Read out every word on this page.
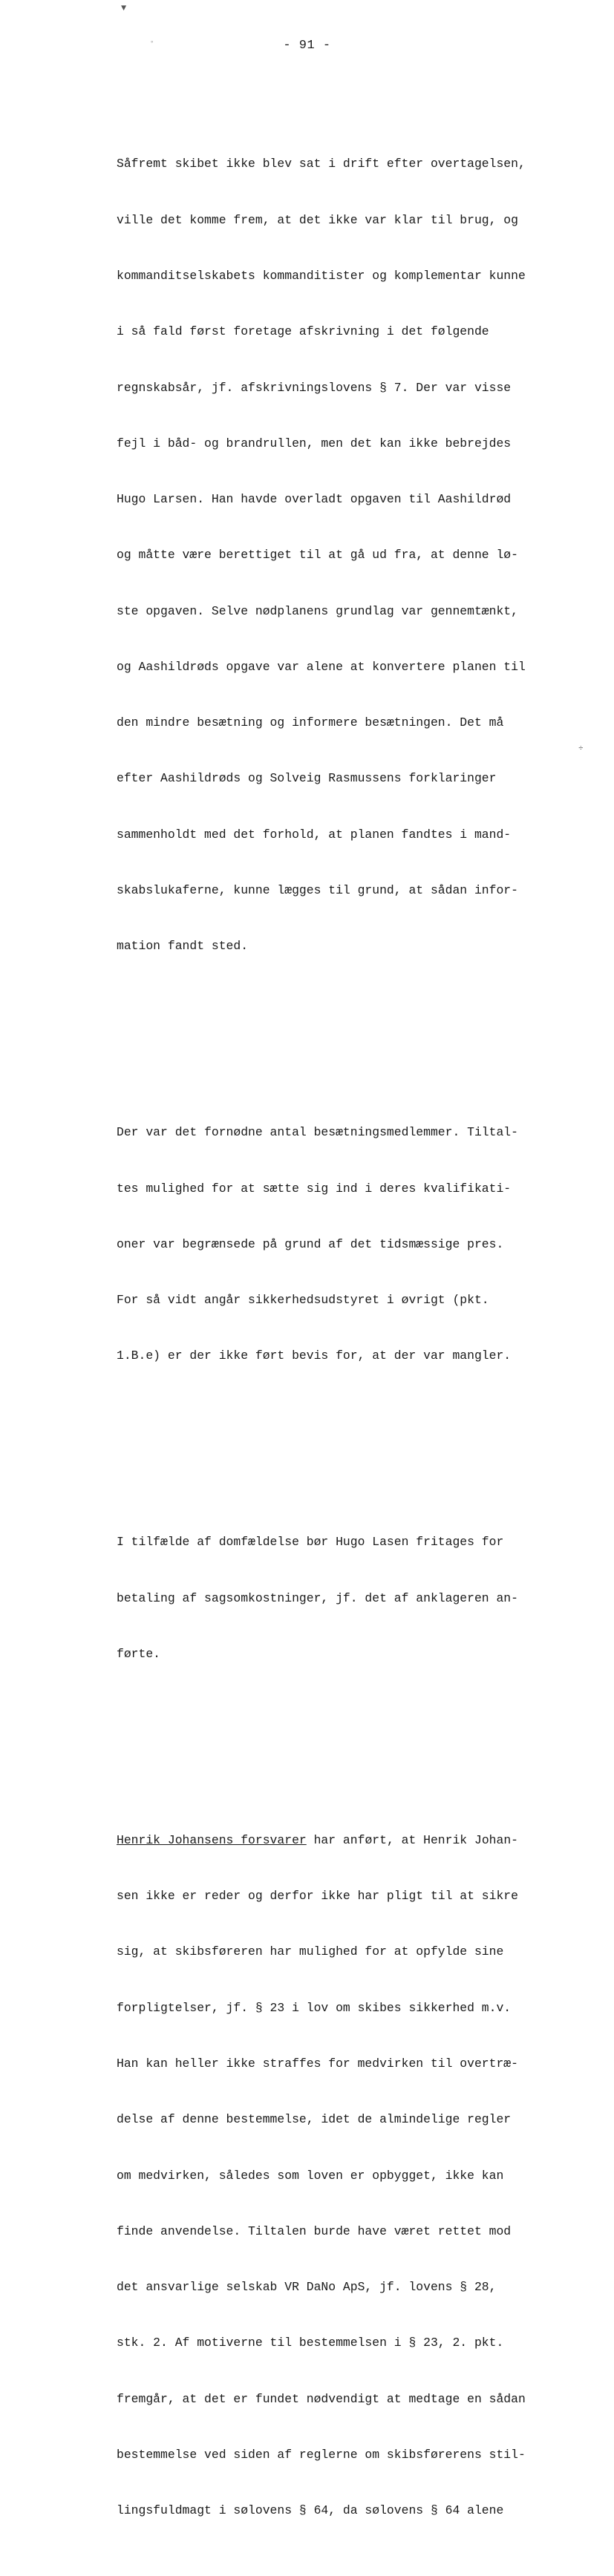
▼
°
÷
- 91 -

Såfremt skibet ikke blev sat i drift efter overtagelsen,

ville det komme frem, at det ikke var klar til brug, og

kommanditselskabets kommanditister og komplementar kunne

i så fald først foretage afskrivning i det følgende

regnskabsår, jf. afskrivningslovens § 7. Der var visse

fejl i båd- og brandrullen, men det kan ikke bebrejdes

Hugo Larsen. Han havde overladt opgaven til Aashildrød

og måtte være berettiget til at gå ud fra, at denne lø-

ste opgaven. Selve nødplanens grundlag var gennemtænkt,

og Aashildrøds opgave var alene at konvertere planen til

den mindre besætning og informere besætningen. Det må

efter Aashildrøds og Solveig Rasmussens forklaringer

sammenholdt med det forhold, at planen fandtes i mand-

skabslukaferne, kunne lægges til grund, at sådan infor-

mation fandt sted.

Der var det fornødne antal besætningsmedlemmer. Tiltal-

tes mulighed for at sætte sig ind i deres kvalifikati-

oner var begrænsede på grund af det tidsmæssige pres.

For så vidt angår sikkerhedsudstyret i øvrigt (pkt.

1.B.e) er der ikke ført bevis for, at der var mangler.

I tilfælde af domfældelse bør Hugo Lasen fritages for

betaling af sagsomkostninger, jf. det af anklageren an-

førte.

Henrik Johansens forsvarer har anført, at Henrik Johan-

sen ikke er reder og derfor ikke har pligt til at sikre

sig, at skibsføreren har mulighed for at opfylde sine

forpligtelser, jf. § 23 i lov om skibes sikkerhed m.v.

Han kan heller ikke straffes for medvirken til overtræ-

delse af denne bestemmelse, idet de almindelige regler

om medvirken, således som loven er opbygget, ikke kan

finde anvendelse. Tiltalen burde have været rettet mod

det ansvarlige selskab VR DaNo ApS, jf. lovens § 28,

stk. 2. Af motiverne til bestemmelsen i § 23, 2. pkt.

fremgår, at det er fundet nødvendigt at medtage en sådan

bestemmelse ved siden af reglerne om skibsførerens stil-

lingsfuldmagt i sølovens § 64, da sølovens § 64 alene
